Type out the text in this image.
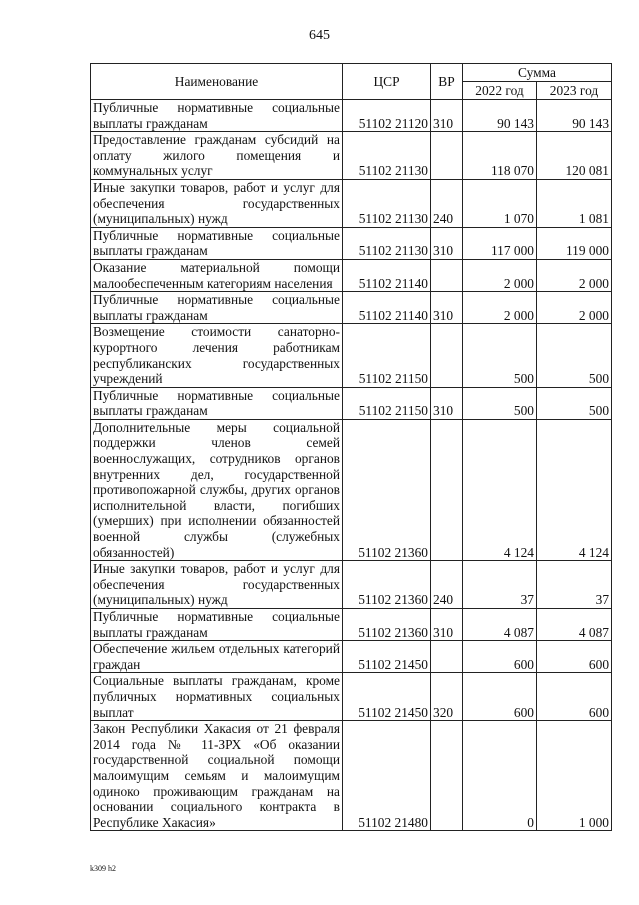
645
Наименование	ЦСР	ВР	Сумма	
			2022 год	2023 год
Публичные нормативные социальные выплаты гражданам	51102 21120	310	90 143	90 143
Предоставление гражданам субсидий на оплату жилого помещения и коммунальных услуг	51102 21130		118 070	120 081
Иные закупки товаров, работ и услуг для обеспечения государственных (муниципальных) нужд	51102 21130	240	1 070	1 081
Публичные нормативные социальные выплаты гражданам	51102 21130	310	117 000	119 000
Оказание материальной помощи малообеспеченным категориям населения	51102 21140		2 000	2 000
Публичные нормативные социальные выплаты гражданам	51102 21140	310	2 000	2 000
Возмещение стоимости санаторно-курортного лечения работникам республиканских государственных учреждений	51102 21150		500	500
Публичные нормативные социальные выплаты гражданам	51102 21150	310	500	500
Дополнительные меры социальной поддержки членов семей военнослужащих, сотрудников органов внутренних дел, государственной противопожарной службы, других органов исполнительной власти, погибших (умерших) при исполнении обязанностей военной службы (служебных обязанностей)	51102 21360		4 124	4 124
Иные закупки товаров, работ и услуг для обеспечения государственных (муниципальных) нужд	51102 21360	240	37	37
Публичные нормативные социальные выплаты гражданам	51102 21360	310	4 087	4 087
Обеспечение жильем отдельных категорий граждан	51102 21450		600	600
Социальные выплаты гражданам, кроме публичных нормативных социальных выплат	51102 21450	320	600	600
Закон Республики Хакасия от 21 февраля 2014 года № 11-ЗРХ «Об оказании государственной социальной помощи малоимущим семьям и малоимущим одиноко проживающим гражданам на основании социального контракта в Республике Хакасия»	51102 21480		0	1 000
k309 h2
